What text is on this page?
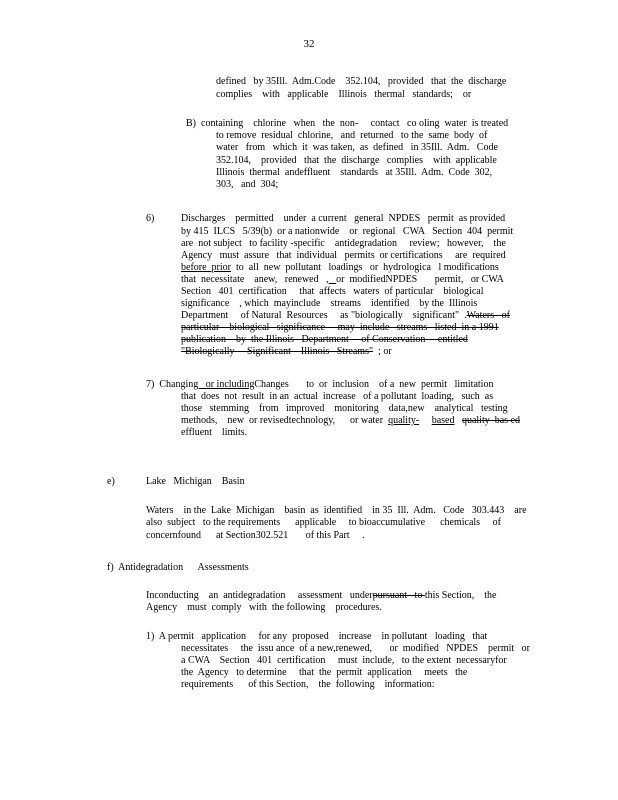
32
defined   by 35Ill.  Adm.Code    352.104,   provided   that  the  discharge
complies    with   applicable    Illinois   thermal   standards;    or
B)  containing    chlorine   when   the  non-     contact   co oling  water  is treated
to remove  residual  chlorine,   and  returned   to the  same  body  of
water   from   which  it  was taken,  as  defined   in 35Ill.  Adm.   Code
352.104,    provided   that  the  discharge   complies    with  applicable
Illinois  thermal  andeffluent    standards   at 35Ill.  Adm.  Code  302,
303,   and  304;
6)	Discharges    permitted    under  a current   general  NPDES   permit  as provided
by 415  ILCS   5/39(b)  or a nationwide    or  regional   CWA   Section  404  permit
are  not subject   to facility -specific    antidegradation     review;   however,    the
Agency   must  assure   that  individual   permits  or certifications     are  required
before  prior  to  all  new  pollutant   loadings   or  hydrologica   l modifications
that  necessitate    anew,   renewed   , _or  modifiedNPDES       permit,   or CWA
Section   401  certification     that  affects   waters  of particular    biological
significance    , which  mayinclude    streams    identified    by the  Illinois
Department     of Natural  Resources     as "biologically    significant"  .Waters   of
particular    biological   significance     may  include   streams   listed  in a 1991
publication    by  the Illinois   Department     of Conservation     entitled
"Biologically     Significant    Illinois   Streams"  ; or
7)  Changing   or includingChanges       to  or  inclusion    of a  new  permit   limitation
that  does  not  result  in an  actual  increase   of a pollutant  loading,   such  as
those   stemming    from   improved    monitoring    data,new    analytical   testing
methods,    new  or revisedtechnology,      or water  quality- based quality  bas ed
effluent    limits.
e)	Lake   Michigan    Basin
Waters    in the  Lake  Michigan    basin  as  identified    in 35  Ill.  Adm.   Code   303.443    are
also  subject   to the requirements      applicable     to bioaccumulative      chemicals     of
concernfound      at Section302.521       of this Part     .
f)  Antidegradation      Assessments
Inconducting    an  antidegradation     assessment   underpursuant   to this Section,    the
Agency    must  comply   with  the following    procedures.
1)  A permit   application     for any  proposed    increase    in pollutant   loading   that
necessitates     the  issu ance  of a new,renewed,       or  modified   NPDES    permit   or
a CWA    Section   401  certification     must  include,   to the extent  necessaryfor
the  Agency   to determine     that  the  permit  application     meets   the
requirements      of this Section,    the  following    information:
